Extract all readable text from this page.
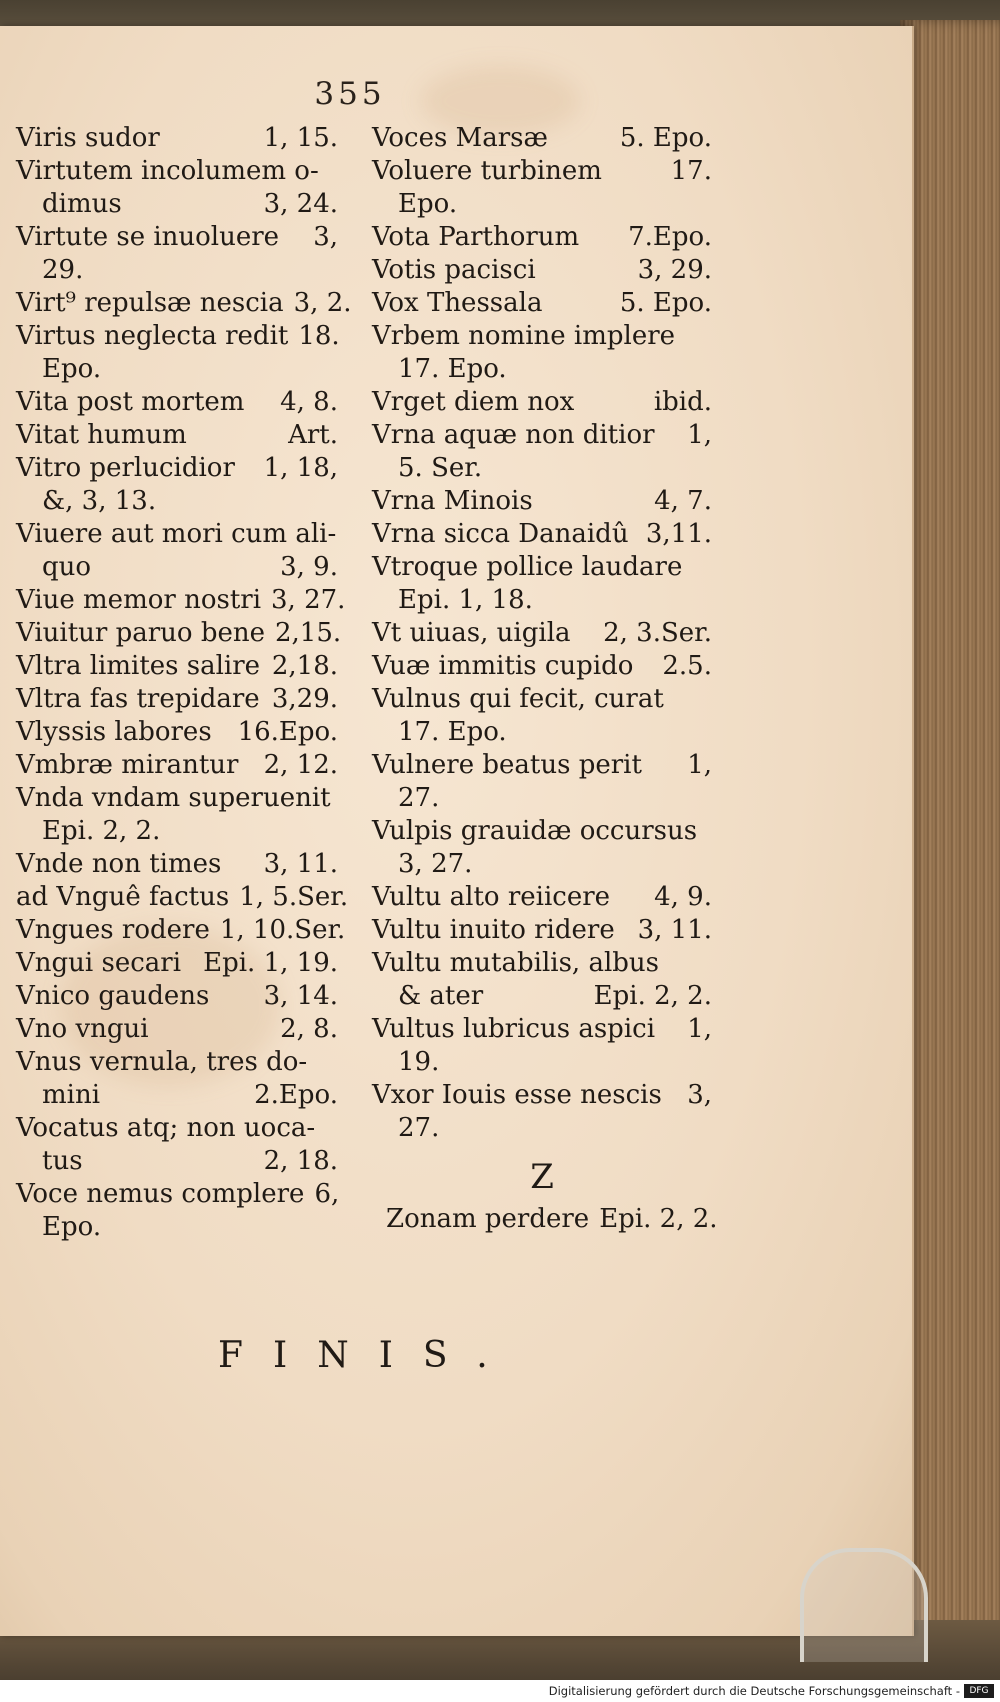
355
Viris sudor	1, 15.
Virtutem incolumem o-
dimus	3, 24.
Virtute se inuoluere	3,
29.
Virt⁹ repulsæ nescia 3, 2.
Virtus neglecta redit 18.
Epo.
Vita post mortem	4, 8.
Vitat humum	Art.
Vitro perlucidior	1, 18,
&, 3, 13.
Viuere aut mori cum ali-
quo	3, 9.
Viue memor nostri 3, 27.
Viuitur paruo bene 2,15.
Vltra limites salire 2,18.
Vltra fas trepidare 3,29.
Vlyssis labores 16.Epo.
Vmbræ mirantur 2, 12.
Vnda vndam superuenit
Epi. 2, 2.
Vnde non times	3, 11.
ad Vnguê factus 1, 5.Ser.
Vngues rodere 1, 10.Ser.
Vngui secari Epi. 1, 19.
Vnico gaudens	3, 14.
Vno vngui	2, 8.
Vnus vernula, tres do-
mini	2.Epo.
Vocatus atq; non uoca-
tus	2, 18.
Voce nemus complere 6,
Epo.
Voces Marsæ	5. Epo.
Voluere turbinem	17.
Epo.
Vota Parthorum	7.Epo.
Votis pacisci	3, 29.
Vox Thessala	5. Epo.
Vrbem nomine implere
17. Epo.
Vrget diem nox	ibid.
Vrna aquæ non ditior	1,
5. Ser.
Vrna Minois	4, 7.
Vrna sicca Danaidû 3,11.
Vtroque pollice laudare
Epi. 1, 18.
Vt uiuas, uigila	2, 3.Ser.
Vuæ immitis cupido	2.5.
Vulnus qui fecit, curat
17. Epo.
Vulnere beatus perit	1,
27.
Vulpis grauidæ occursus
3, 27.
Vultu alto reiicere	4, 9.
Vultu inuito ridere 3, 11.
Vultu mutabilis, albus
& ater	Epi. 2, 2.
Vultus lubricus aspici	1,
19.
Vxor Iouis esse nescis 3,
27.
Z
Zonam perdere Epi. 2, 2.
FINIS.
Digitalisierung gefördert durch die Deutsche Forschungsgemeinschaft -	DFG
